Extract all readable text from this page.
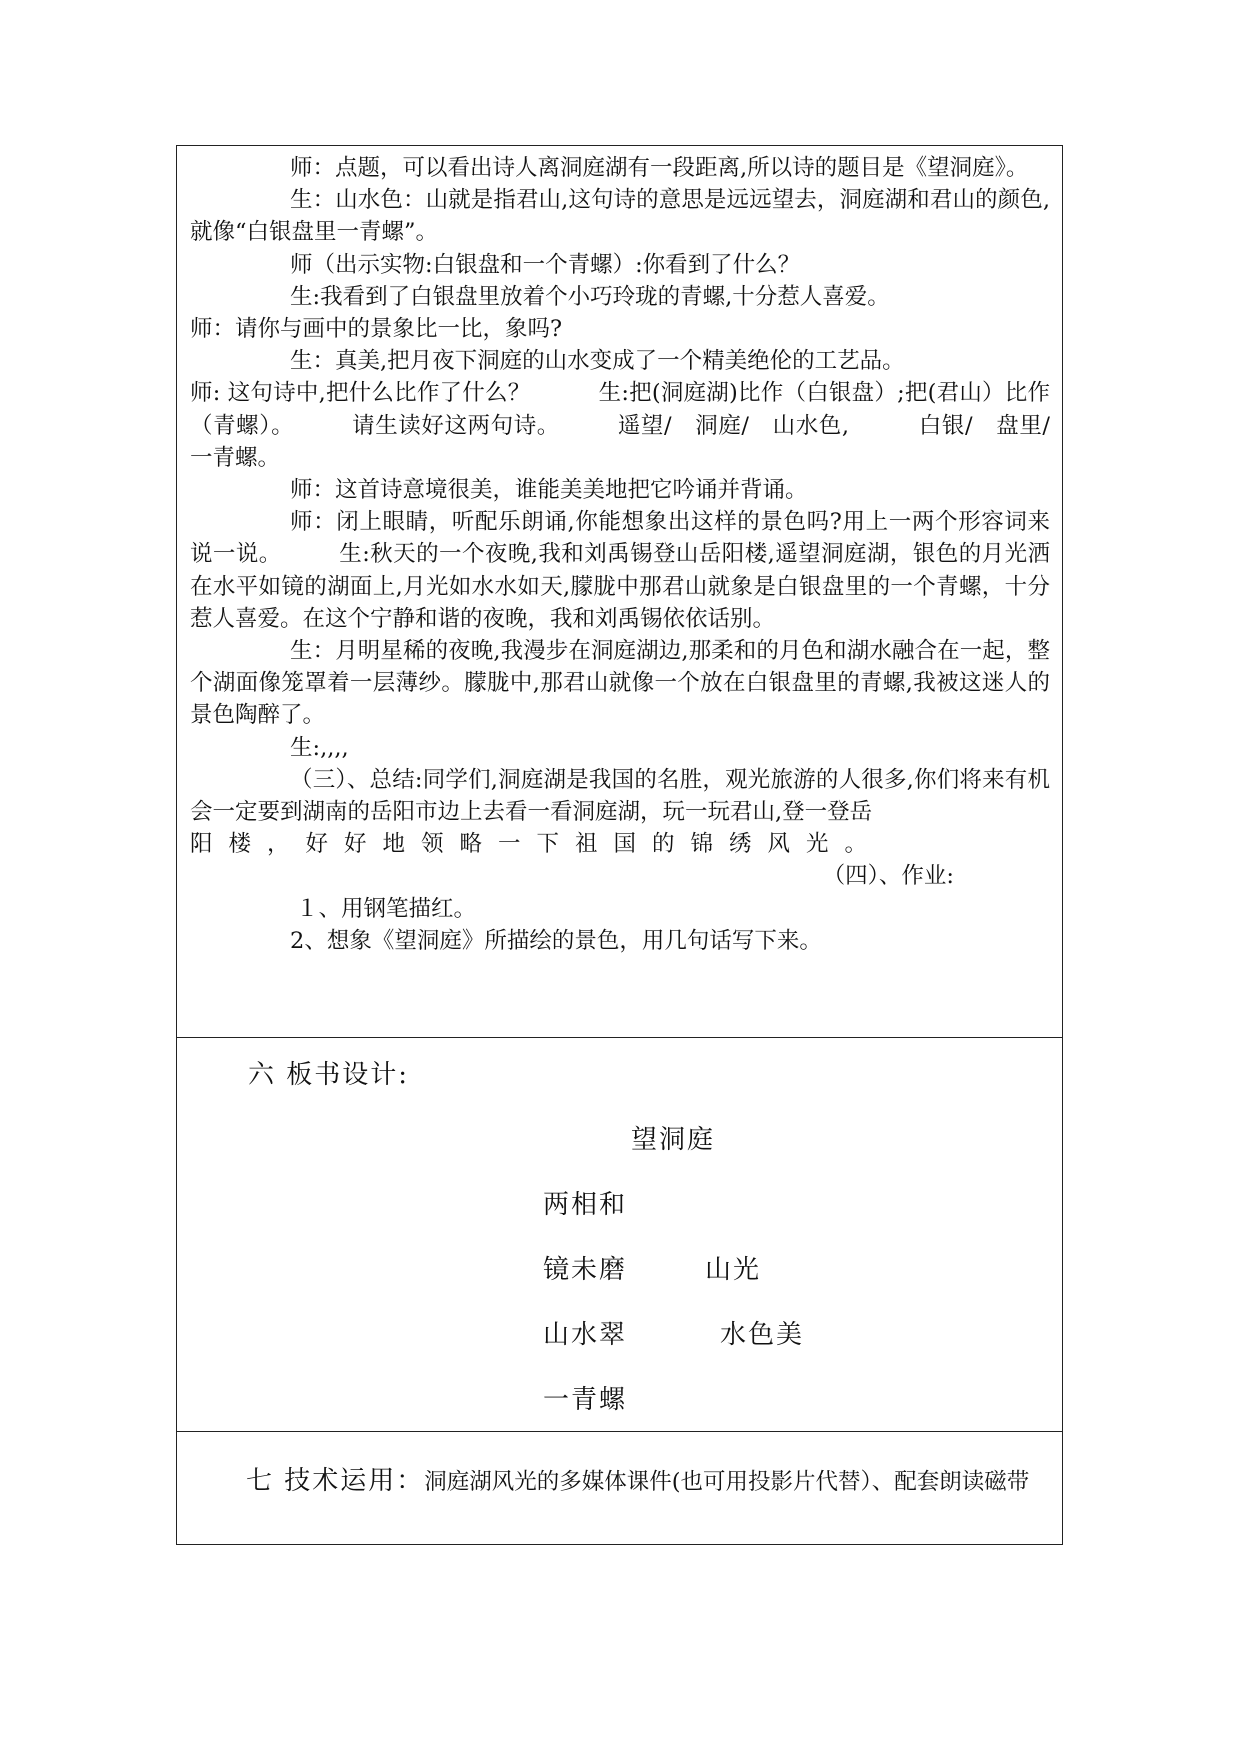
师：点题，可以看出诗人离洞庭湖有一段距离,所以诗的题目是《望洞庭》。

生：山水色：山就是指君山,这句诗的意思是远远望去，洞庭湖和君山的颜色,就像“白银盘里一青螺”。

师（出示实物:白银盘和一个青螺）:你看到了什么？

生:我看到了白银盘里放着个小巧玲珑的青螺,十分惹人喜爱。

师：请你与画中的景象比一比，象吗?

生：真美,把月夜下洞庭的山水变成了一个精美绝伦的工艺品。

师: 这句诗中,把什么比作了什么？　　　生:把(洞庭湖)比作（白银盘）;把(君山）比作（青螺）。　　　请生读好这两句诗。　　　遥望/　洞庭/　山水色,　　　白银/　盘里/　一青螺。

师：这首诗意境很美，谁能美美地把它吟诵并背诵。

师：闭上眼睛，听配乐朗诵,你能想象出这样的景色吗?用上一两个形容词来说一说。　　　生:秋天的一个夜晚,我和刘禹锡登山岳阳楼,遥望洞庭湖，银色的月光洒在水平如镜的湖面上,月光如水水如天,朦胧中那君山就象是白银盘里的一个青螺，十分惹人喜爱。在这个宁静和谐的夜晚，我和刘禹锡依依话别。

生：月明星稀的夜晚,我漫步在洞庭湖边,那柔和的月色和湖水融合在一起，整个湖面像笼罩着一层薄纱。朦胧中,那君山就像一个放在白银盘里的青螺,我被这迷人的景色陶醉了。

生:,,,,

（三）、总结:同学们,洞庭湖是我国的名胜，观光旅游的人很多,你们将来有机会一定要到湖南的岳阳市边上去看一看洞庭湖，玩一玩君山,登一登岳

阳楼，好好地领略一下祖国的锦绣风光。

（四）、作业:

１、用钢笔描红。

2、想象《望洞庭》所描绘的景色，用几句话写下来。

六 板书设计:
望洞庭
两相和
镜未磨	山光
山水翠	水色美
一青螺
七 技术运用：洞庭湖风光的多媒体课件(也可用投影片代替）、配套朗读磁带
